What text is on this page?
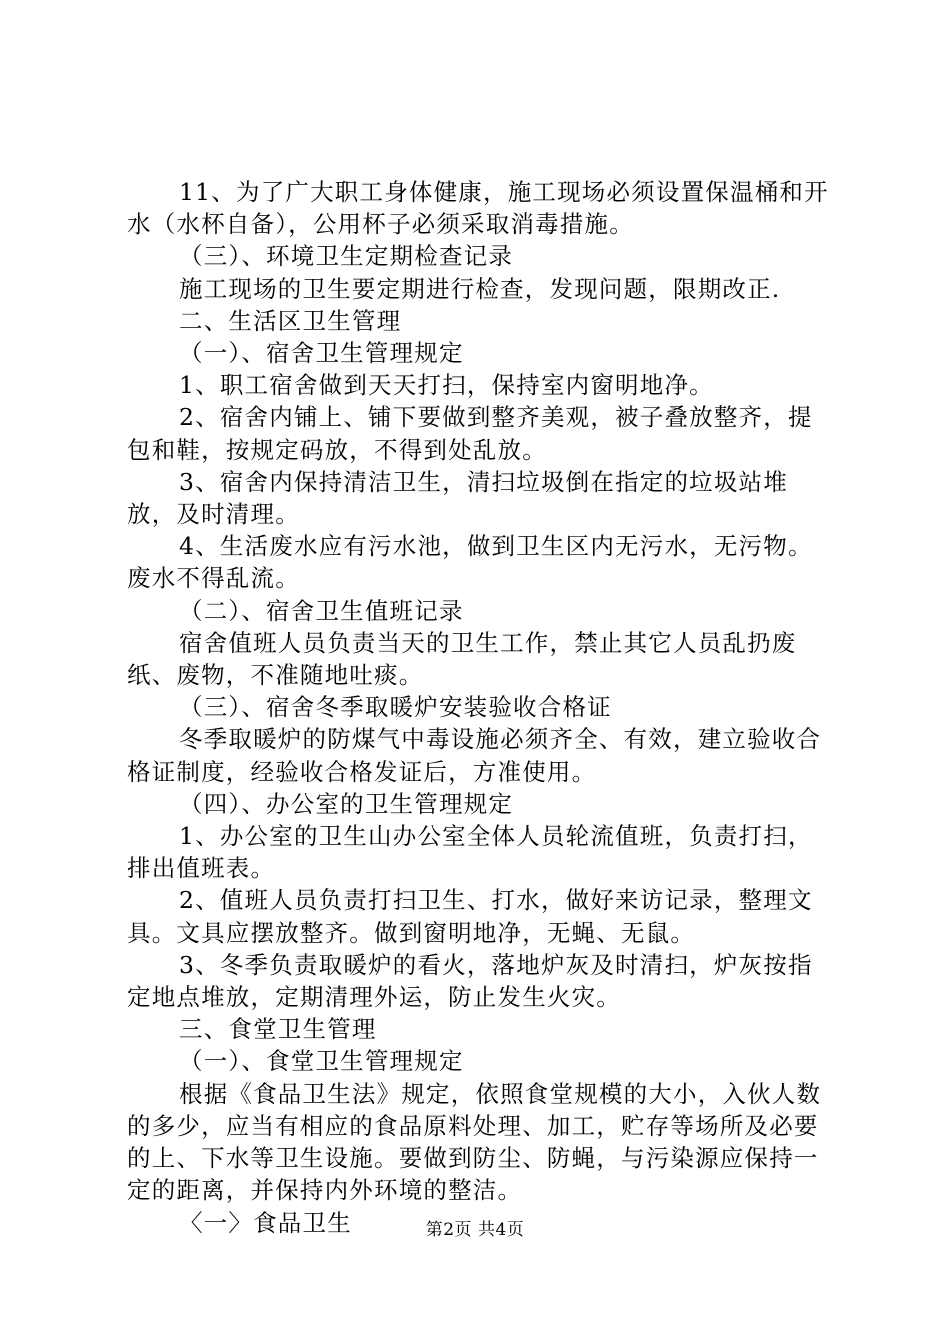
11、为了广大职工身体健康，施工现场必须设置保温桶和开水（水杯自备），公用杯子必须采取消毒措施。

（三）、环境卫生定期检查记录

施工现场的卫生要定期进行检查，发现问题，限期改正.

二、生活区卫生管理

（一）、宿舍卫生管理规定

1、职工宿舍做到天天打扫，保持室内窗明地净。

2、宿舍内铺上、铺下要做到整齐美观，被子叠放整齐，提包和鞋，按规定码放，不得到处乱放。

3、宿舍内保持清洁卫生，清扫垃圾倒在指定的垃圾站堆放，及时清理。

4、生活废水应有污水池，做到卫生区内无污水，无污物。废水不得乱流。

（二）、宿舍卫生值班记录

宿舍值班人员负责当天的卫生工作，禁止其它人员乱扔废纸、废物，不准随地吐痰。

（三）、宿舍冬季取暖炉安装验收合格证

冬季取暖炉的防煤气中毒设施必须齐全、有效，建立验收合格证制度，经验收合格发证后，方准使用。

（四）、办公室的卫生管理规定

1、办公室的卫生山办公室全体人员轮流值班，负责打扫，排出值班表。

2、值班人员负责打扫卫生、打水，做好来访记录，整理文具。文具应摆放整齐。做到窗明地净，无蝇、无鼠。

3、冬季负责取暖炉的看火，落地炉灰及时清扫，炉灰按指定地点堆放，定期清理外运，防止发生火灾。

三、食堂卫生管理

（一）、食堂卫生管理规定

根据《食品卫生法》规定，依照食堂规模的大小，入伙人数的多少，应当有相应的食品原料处理、加工，贮存等场所及必要的上、下水等卫生设施。要做到防尘、防蝇，与污染源应保持一定的距离，并保持内外环境的整洁。

〈一〉食品卫生	第2页 共4页
